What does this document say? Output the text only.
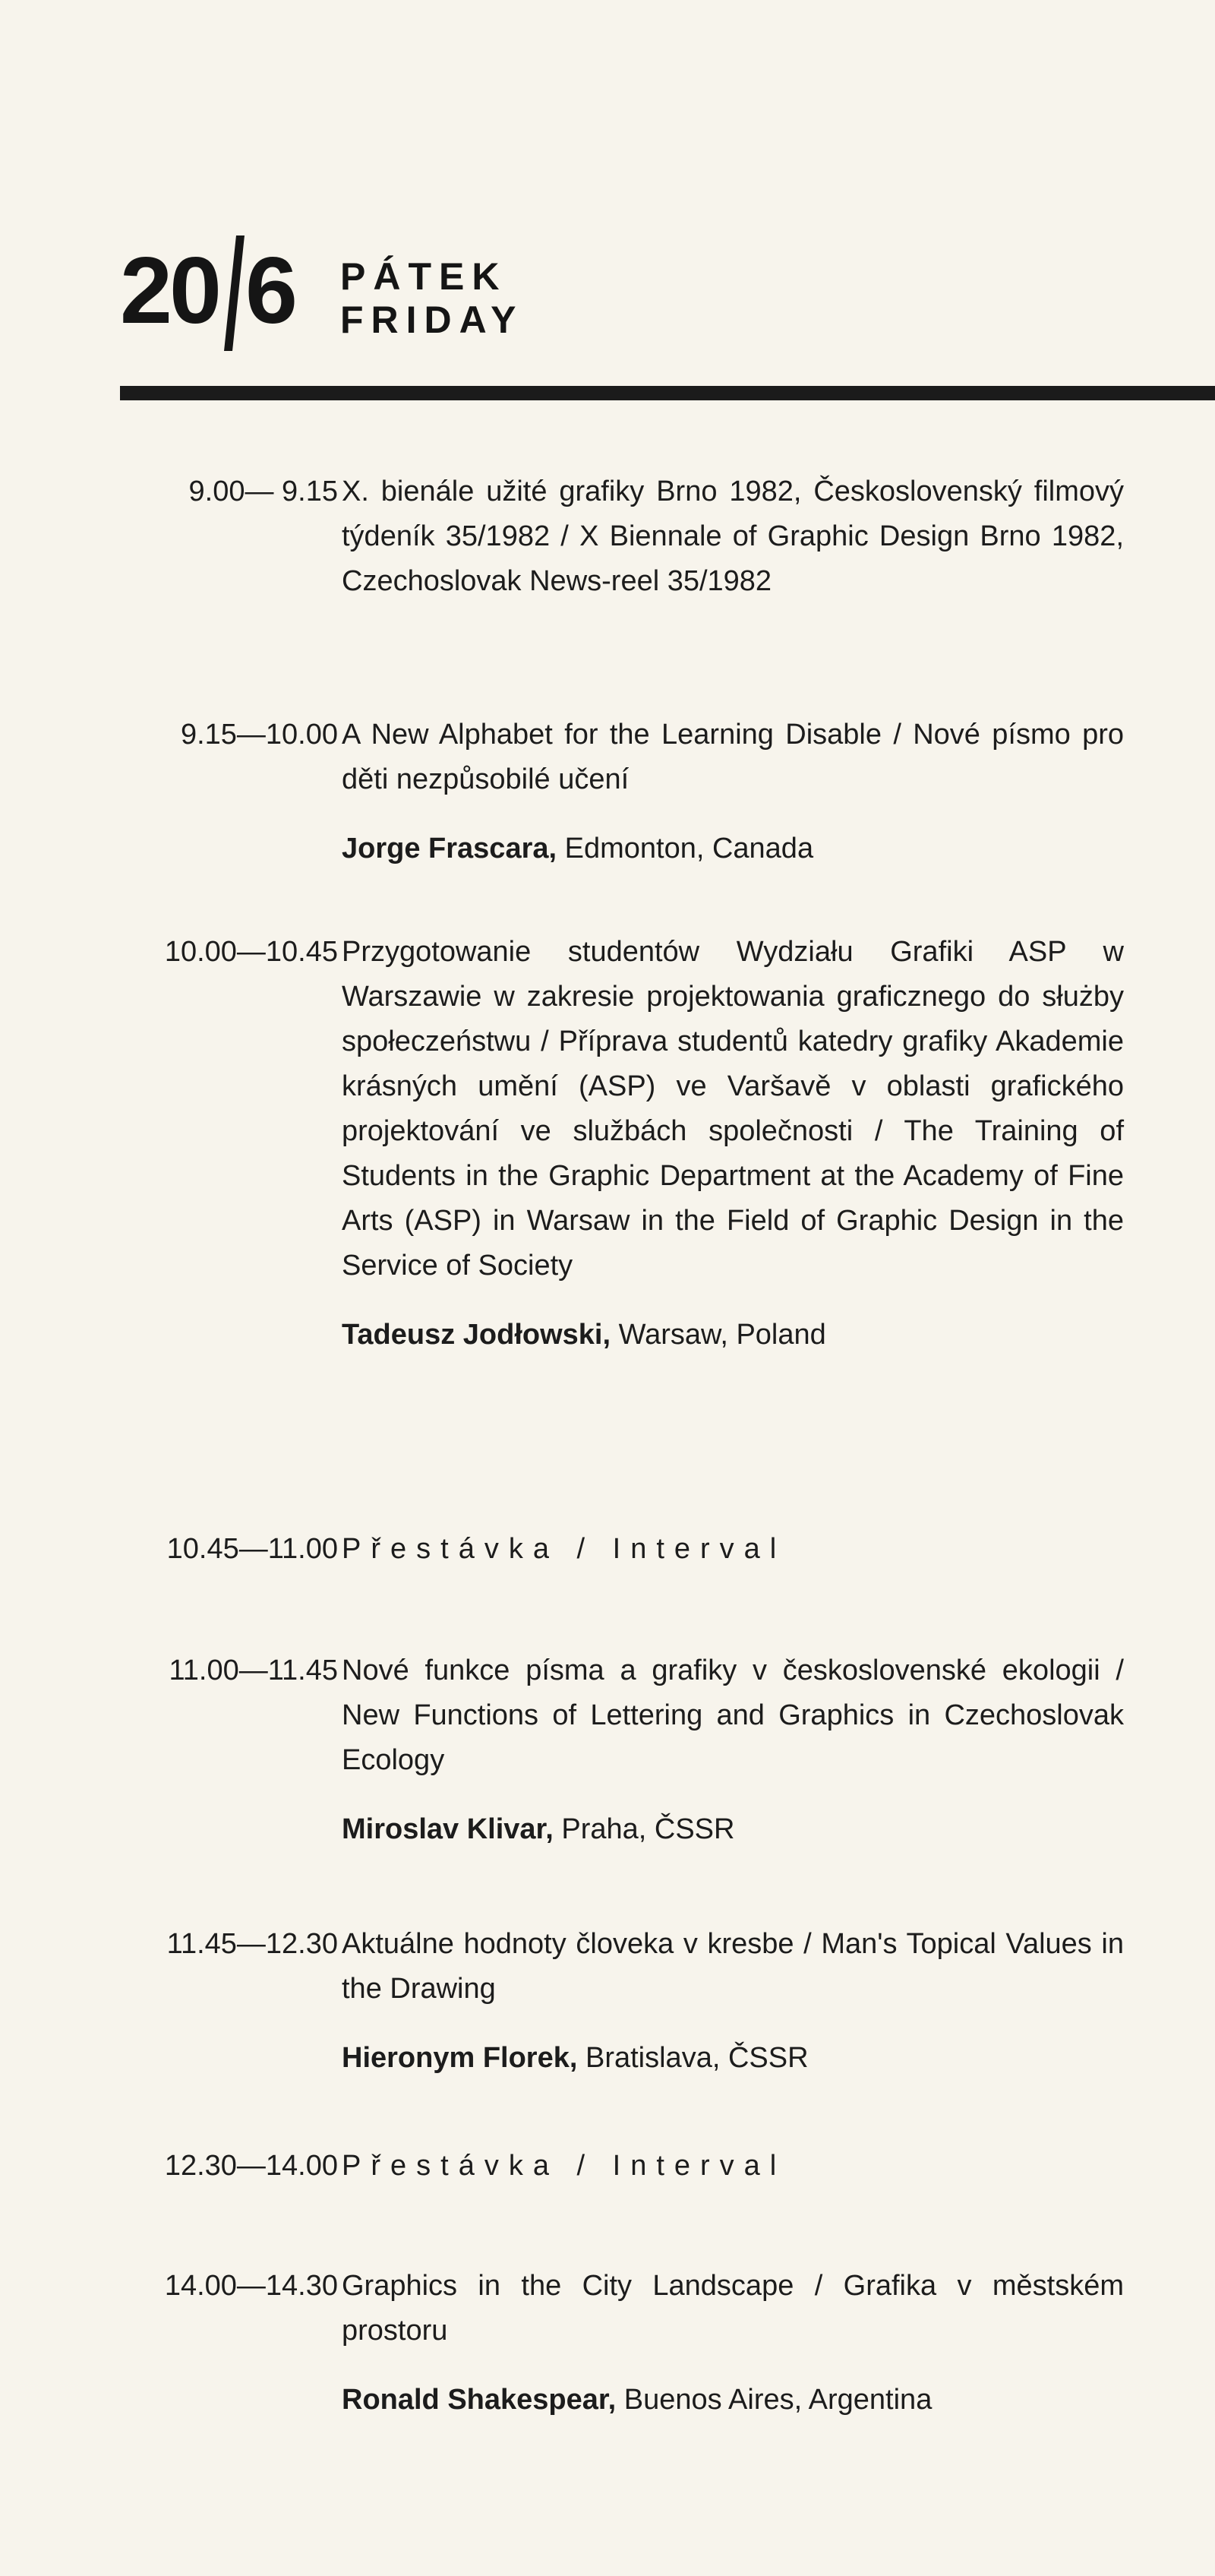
20 6 PÁTEK
FRIDAY
9.00— 9.15 X. bienále užité grafiky Brno 1982, Československý filmový týdeník 35/1982 / X Biennale of Graphic Design Brno 1982, Czechoslovak News-reel 35/1982

9.15—10.00 A New Alphabet for the Learning Disable / Nové písmo pro děti nezpůsobilé učení

Jorge Frascara, Edmonton, Canada

10.00—10.45 Przygotowanie studentów Wydziału Grafiki ASP w Warszawie w zakresie projektowania graficznego do służby społeczeństwu / Příprava studentů katedry grafiky Akademie krásných umění (ASP) ve Varšavě v oblasti grafického projektování ve službách společnosti / The Training of Students in the Graphic Department at the Academy of Fine Arts (ASP) in Warsaw in the Field of Graphic Design in the Service of Society

Tadeusz Jodłowski, Warsaw, Poland

10.45—11.00 Přestávka / Interval

11.00—11.45 Nové funkce písma a grafiky v československé ekologii / New Functions of Lettering and Graphics in Czechoslovak Ecology

Miroslav Klivar, Praha, ČSSR

11.45—12.30 Aktuálne hodnoty človeka v kresbe / Man's Topical Values in the Drawing

Hieronym Florek, Bratislava, ČSSR

12.30—14.00 Přestávka / Interval

14.00—14.30 Graphics in the City Landscape / Grafika v městském prostoru

Ronald Shakespear, Buenos Aires, Argentina
